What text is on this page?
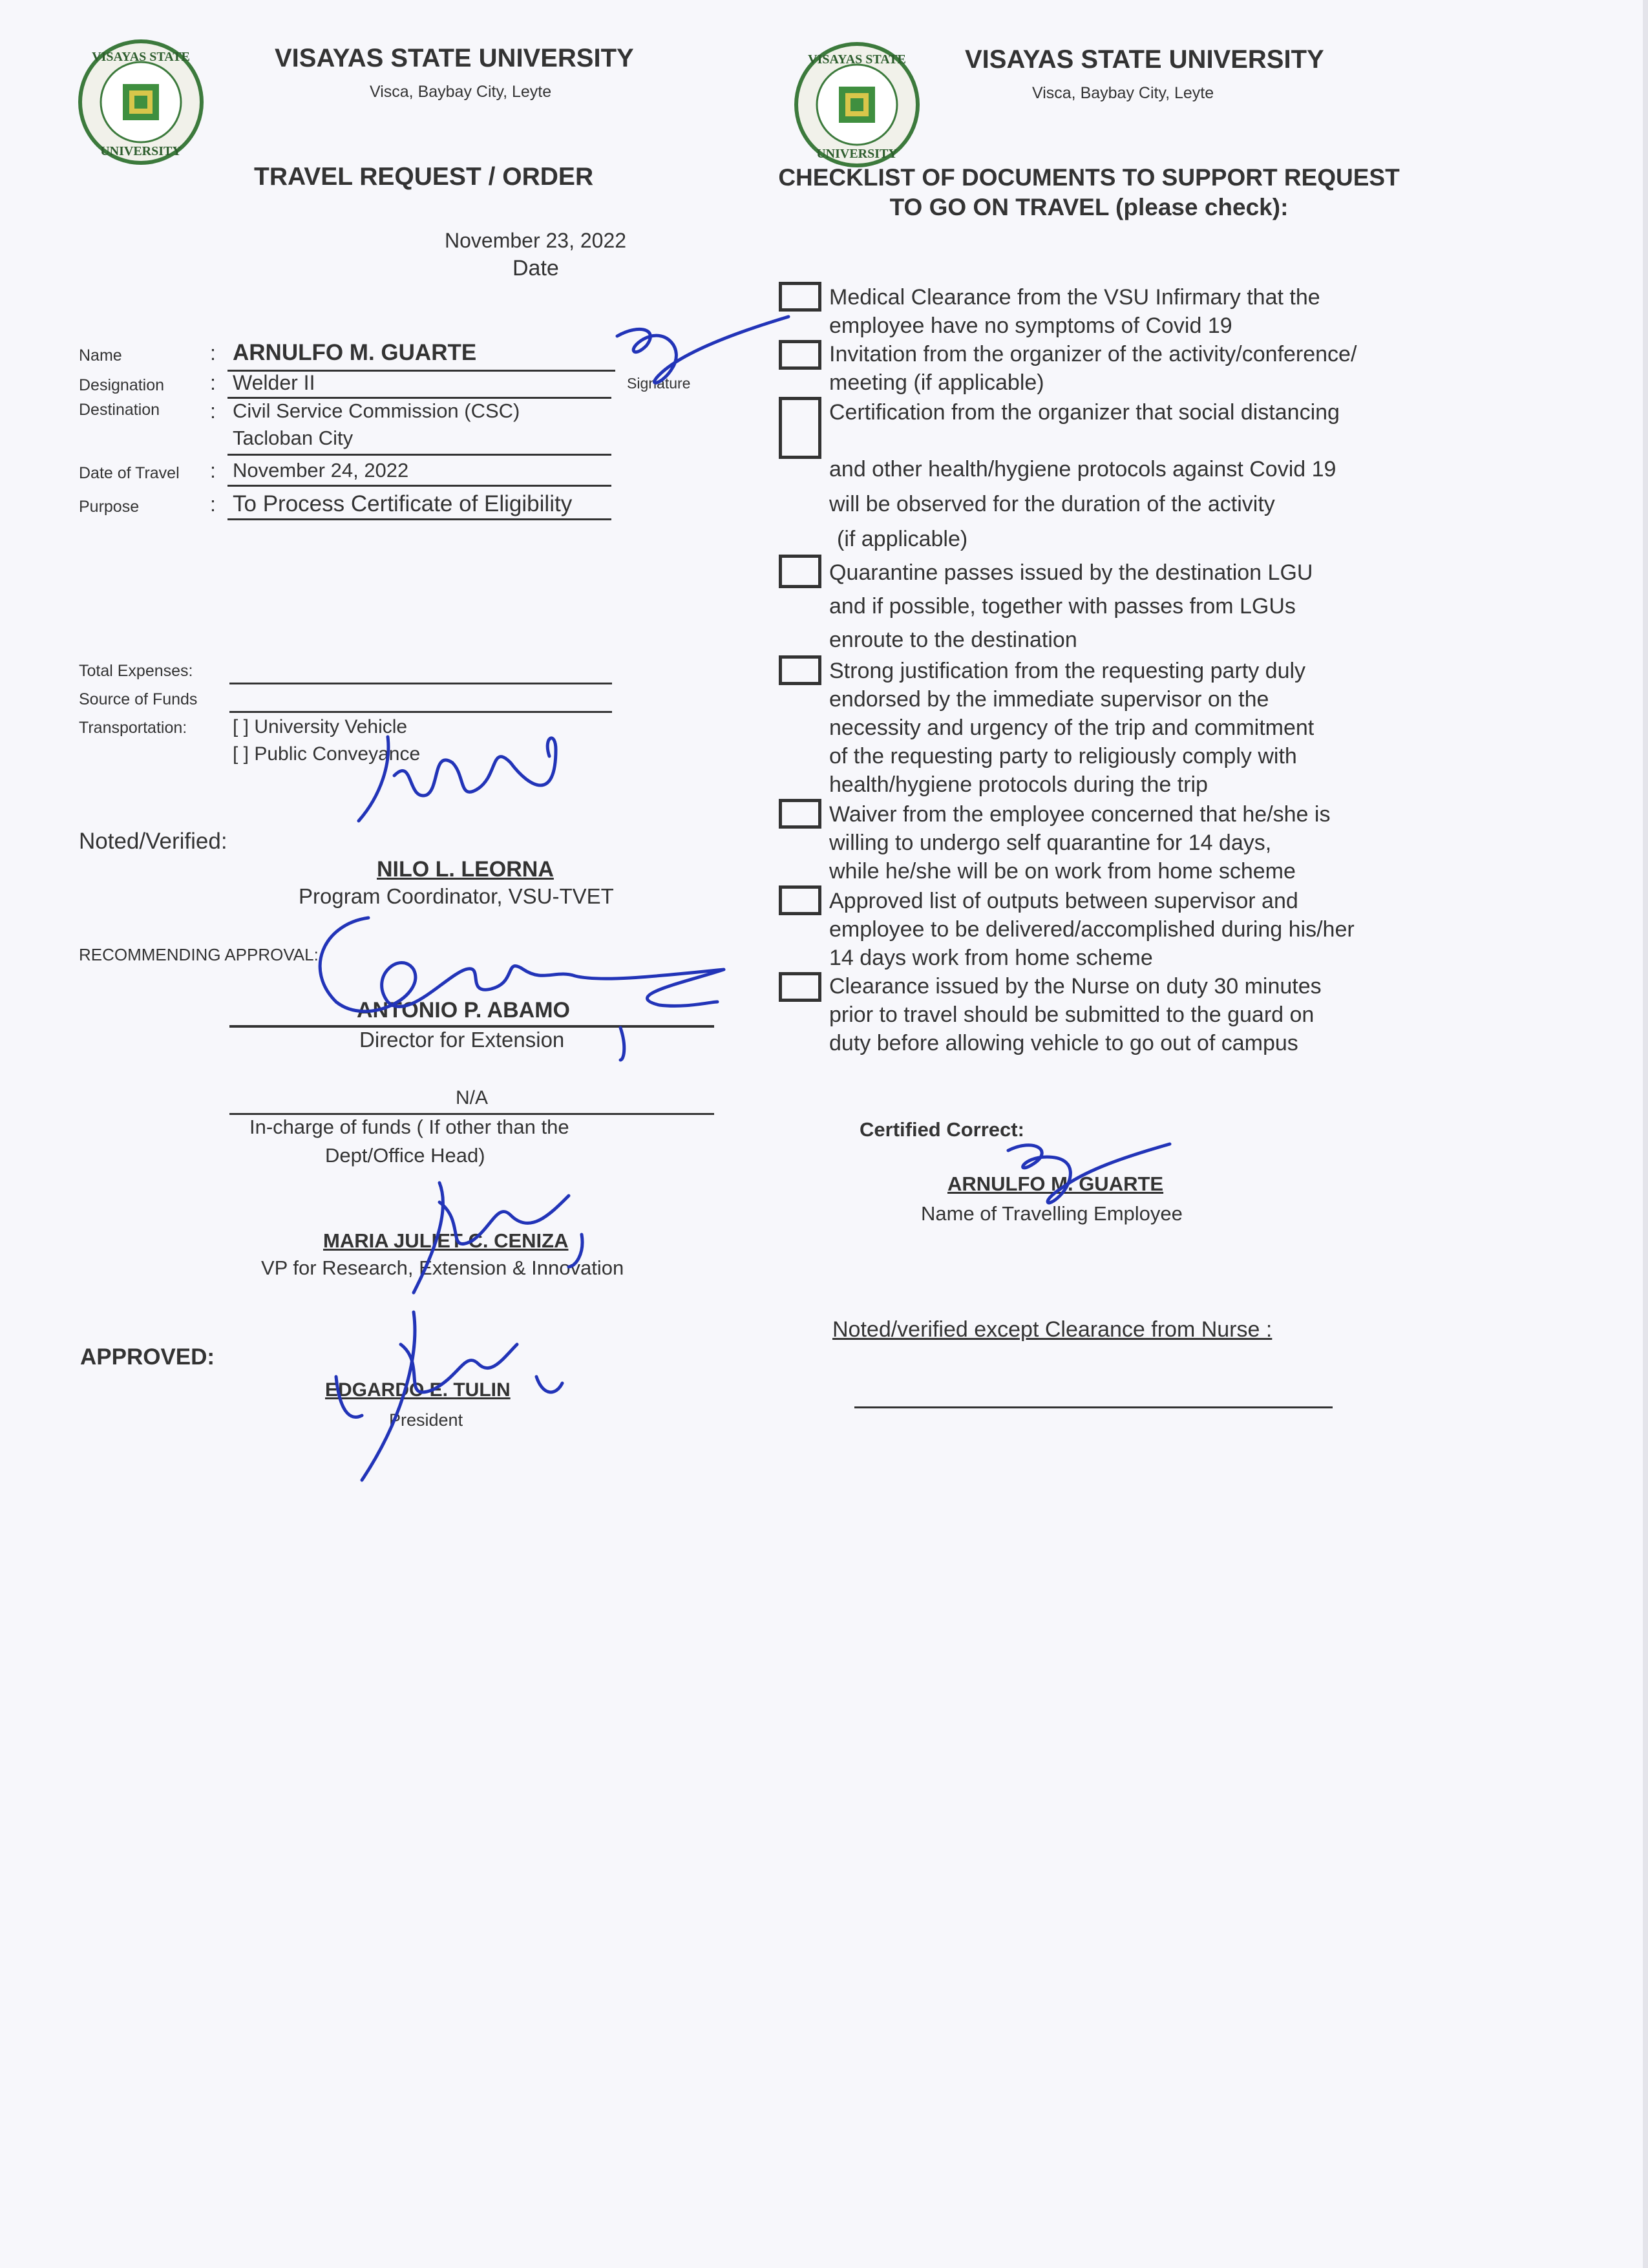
VISAYAS STATE
UNIVERSITY
VISAYAS STATE UNIVERSITY
Visca, Baybay City, Leyte
TRAVEL REQUEST / ORDER
November 23, 2022
Date
Name	: ARNULFO M. GUARTE
Signature
Designation : Welder II
Destination : Civil Service Commission (CSC)
Tacloban City
Date of Travel : November 24, 2022
Purpose	: To Process Certificate of Eligibility
Total Expenses:
Source of Funds
Transportation: [ ] University Vehicle
[ ] Public Conveyance
Noted/Verified:
NILO L. LEORNA
Program Coordinator, VSU-TVET
RECOMMENDING APPROVAL:
ANTONIO P. ABAMO
Director for Extension
N/A
In-charge of funds ( If other than the
Dept/Office Head)
MARIA JULIET C. CENIZA
VP for Research, Extension & Innovation
APPROVED:
EDGARDO E. TULIN
President
VISAYAS STATE
UNIVERSITY
VISAYAS STATE UNIVERSITY
Visca, Baybay City, Leyte
CHECKLIST OF DOCUMENTS TO SUPPORT REQUEST
TO GO ON TRAVEL (please check):
Medical Clearance from the VSU Infirmary that the
employee have no symptoms of Covid 19
Invitation from the organizer of the activity/conference/
meeting (if applicable)
Certification from the organizer that social distancing
and other health/hygiene protocols against Covid 19
will be observed for the duration of the activity
(if applicable)
Quarantine passes issued by the destination LGU
and if possible, together with passes from LGUs
enroute to the destination
Strong justification from the requesting party duly
endorsed by the immediate supervisor on the
necessity and urgency of the trip and commitment
of the requesting party to religiously comply with
health/hygiene protocols during the trip
Waiver from the employee concerned that he/she is
willing to undergo self quarantine for 14 days,
while he/she will be on work from home scheme
Approved list of outputs between supervisor and
employee to be delivered/accomplished during his/her
14 days work from home scheme
Clearance issued by the Nurse on duty 30 minutes
prior to travel should be submitted to the guard on
duty before allowing vehicle to go out of campus
Certified Correct:
ARNULFO M. GUARTE
Name of Travelling Employee
Noted/verified except Clearance from Nurse :
